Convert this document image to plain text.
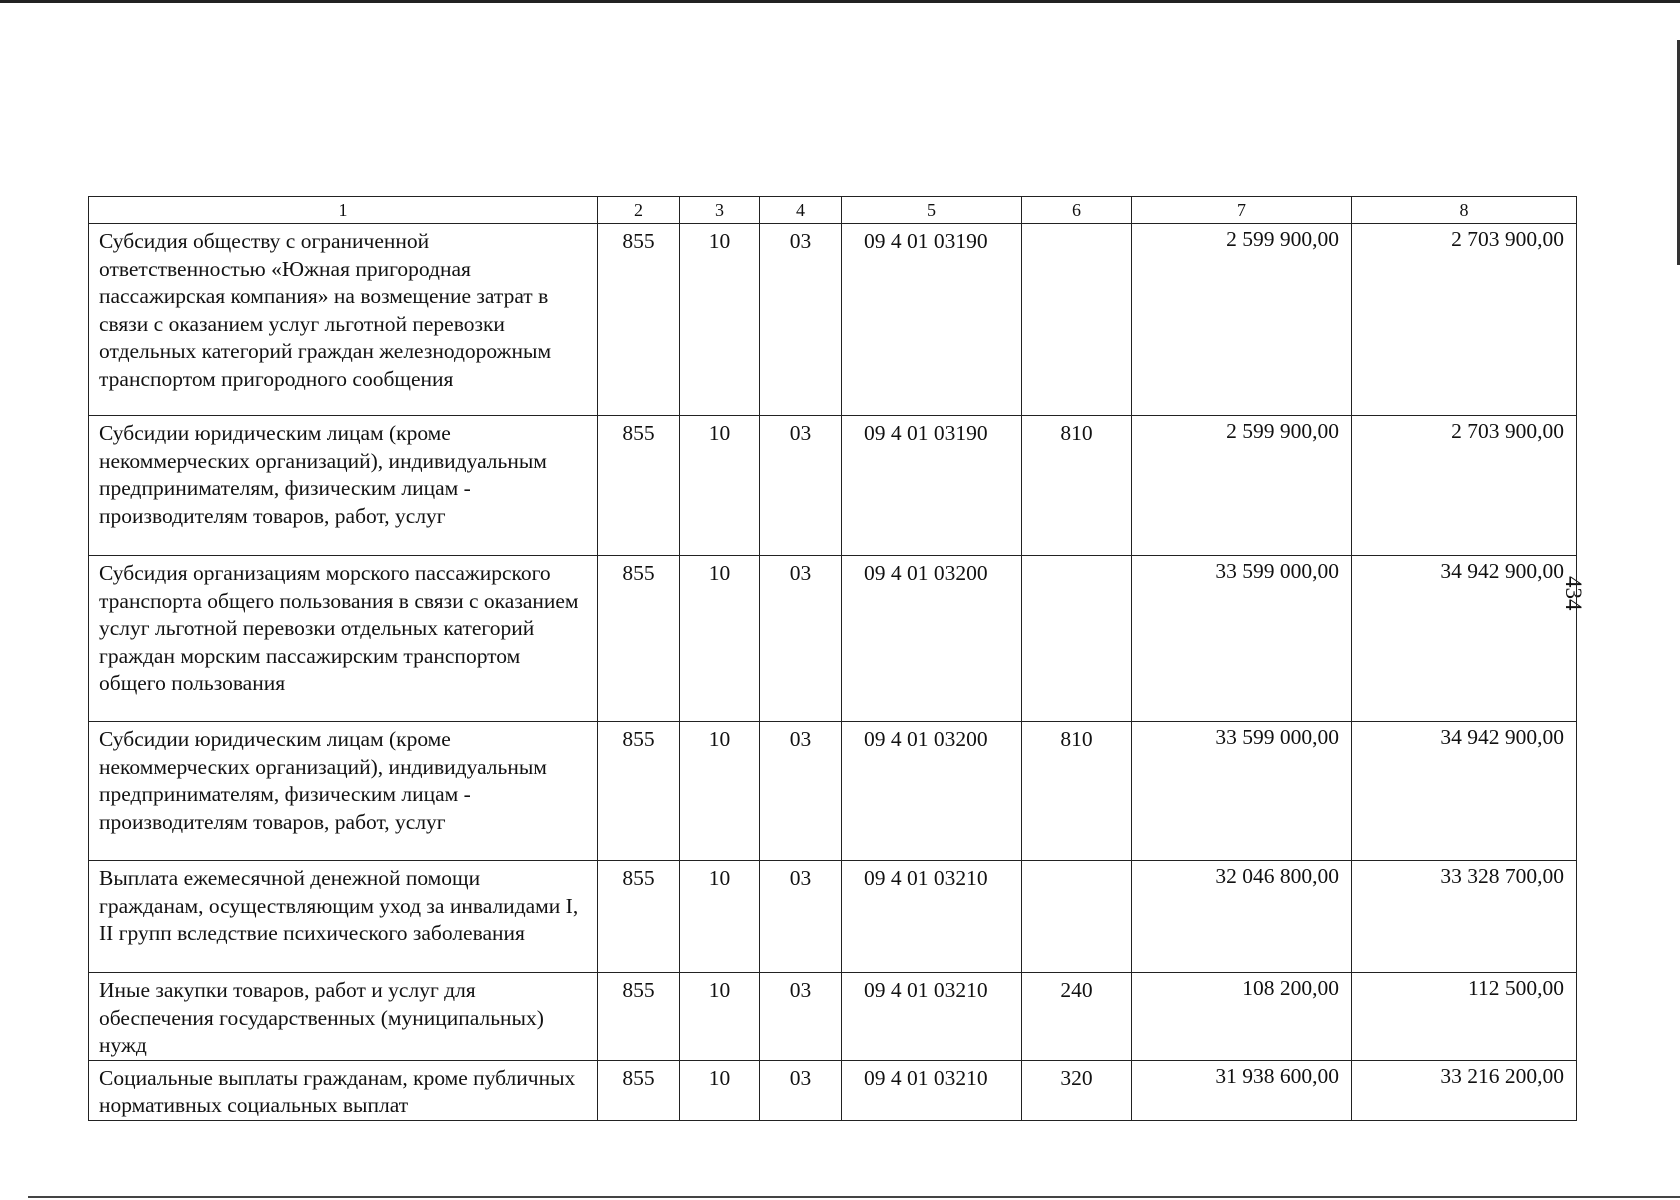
434
1	2	3	4	5	6	7	8
Субсидия обществу с ограниченной ответственностью «Южная пригородная пассажирская компания» на возмещение затрат в связи с оказанием услуг льготной перевозки отдельных категорий граждан железнодорожным транспортом пригородного сообщения	855	10	03	09 4 01 03190		2 599 900,00	2 703 900,00
Субсидии юридическим лицам (кроме некоммерческих организаций), индивидуальным предпринимателям, физическим лицам - производителям товаров, работ, услуг	855	10	03	09 4 01 03190	810	2 599 900,00	2 703 900,00
Субсидия организациям морского пассажирского транспорта общего пользования в связи с оказанием услуг льготной перевозки отдельных категорий граждан морским пассажирским транспортом общего пользования	855	10	03	09 4 01 03200		33 599 000,00	34 942 900,00
Субсидии юридическим лицам (кроме некоммерческих организаций), индивидуальным предпринимателям, физическим лицам - производителям товаров, работ, услуг	855	10	03	09 4 01 03200	810	33 599 000,00	34 942 900,00
Выплата ежемесячной денежной помощи гражданам, осуществляющим уход за инвалидами I, II групп вследствие психического заболевания	855	10	03	09 4 01 03210		32 046 800,00	33 328 700,00
Иные закупки товаров, работ и услуг для обеспечения государственных (муниципальных) нужд	855	10	03	09 4 01 03210	240	108 200,00	112 500,00
Социальные выплаты гражданам, кроме публичных нормативных социальных выплат	855	10	03	09 4 01 03210	320	31 938 600,00	33 216 200,00
